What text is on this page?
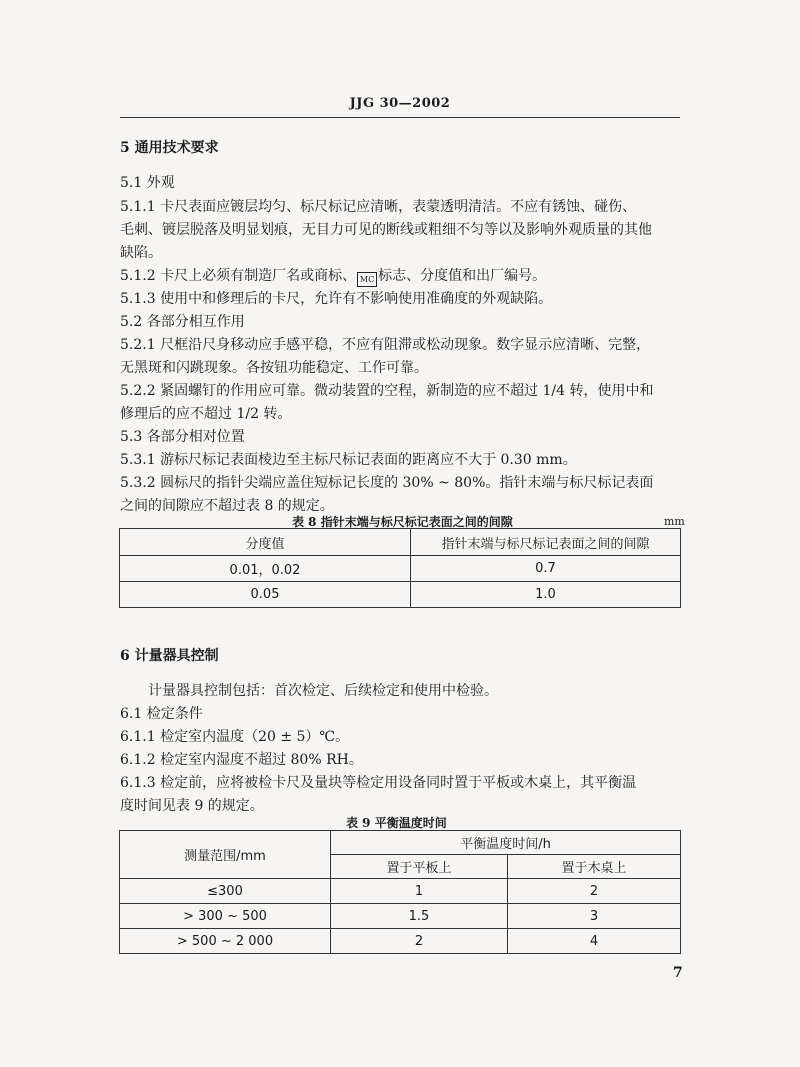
JJG 30—2002
5 通用技术要求
5.1 外观
5.1.1 卡尺表面应镀层均匀、标尺标记应清晰，表蒙透明清洁。不应有锈蚀、碰伤、
毛刺、镀层脱落及明显划痕，无目力可见的断线或粗细不匀等以及影响外观质量的其他
缺陷。
5.1.2 卡尺上必须有制造厂名或商标、 MC 标志、分度值和出厂编号。
5.1.3 使用中和修理后的卡尺，允许有不影响使用准确度的外观缺陷。
5.2 各部分相互作用
5.2.1 尺框沿尺身移动应手感平稳，不应有阻滞或松动现象。数字显示应清晰、完整，
无黑斑和闪跳现象。各按钮功能稳定、工作可靠。
5.2.2 紧固螺钉的作用应可靠。微动装置的空程，新制造的应不超过 1/4 转，使用中和
修理后的应不超过 1/2 转。
5.3 各部分相对位置
5.3.1 游标尺标记表面棱边至主标尺标记表面的距离应不大于 0.30 mm。
5.3.2 圆标尺的指针尖端应盖住短标记长度的 30% ~ 80%。指针末端与标尺标记表面
之间的间隙应不超过表 8 的规定。
表 8 指针末端与标尺标记表面之间的间隙	mm
分度值	指针末端与标尺标记表面之间的间隙
0.01，0.02	0.7
0.05	1.0
6 计量器具控制
计量器具控制包括：首次检定、后续检定和使用中检验。
6.1 检定条件
6.1.1 检定室内温度（20 ± 5）℃。
6.1.2 检定室内湿度不超过 80% RH。
6.1.3 检定前，应将被检卡尺及量块等检定用设备同时置于平板或木桌上，其平衡温
度时间见表 9 的规定。
表 9 平衡温度时间
测量范围/mm	平衡温度时间/h	
	置于平板上	置于木桌上
≤300	1	2
> 300 ~ 500	1.5	3
> 500 ~ 2 000	2	4
7
